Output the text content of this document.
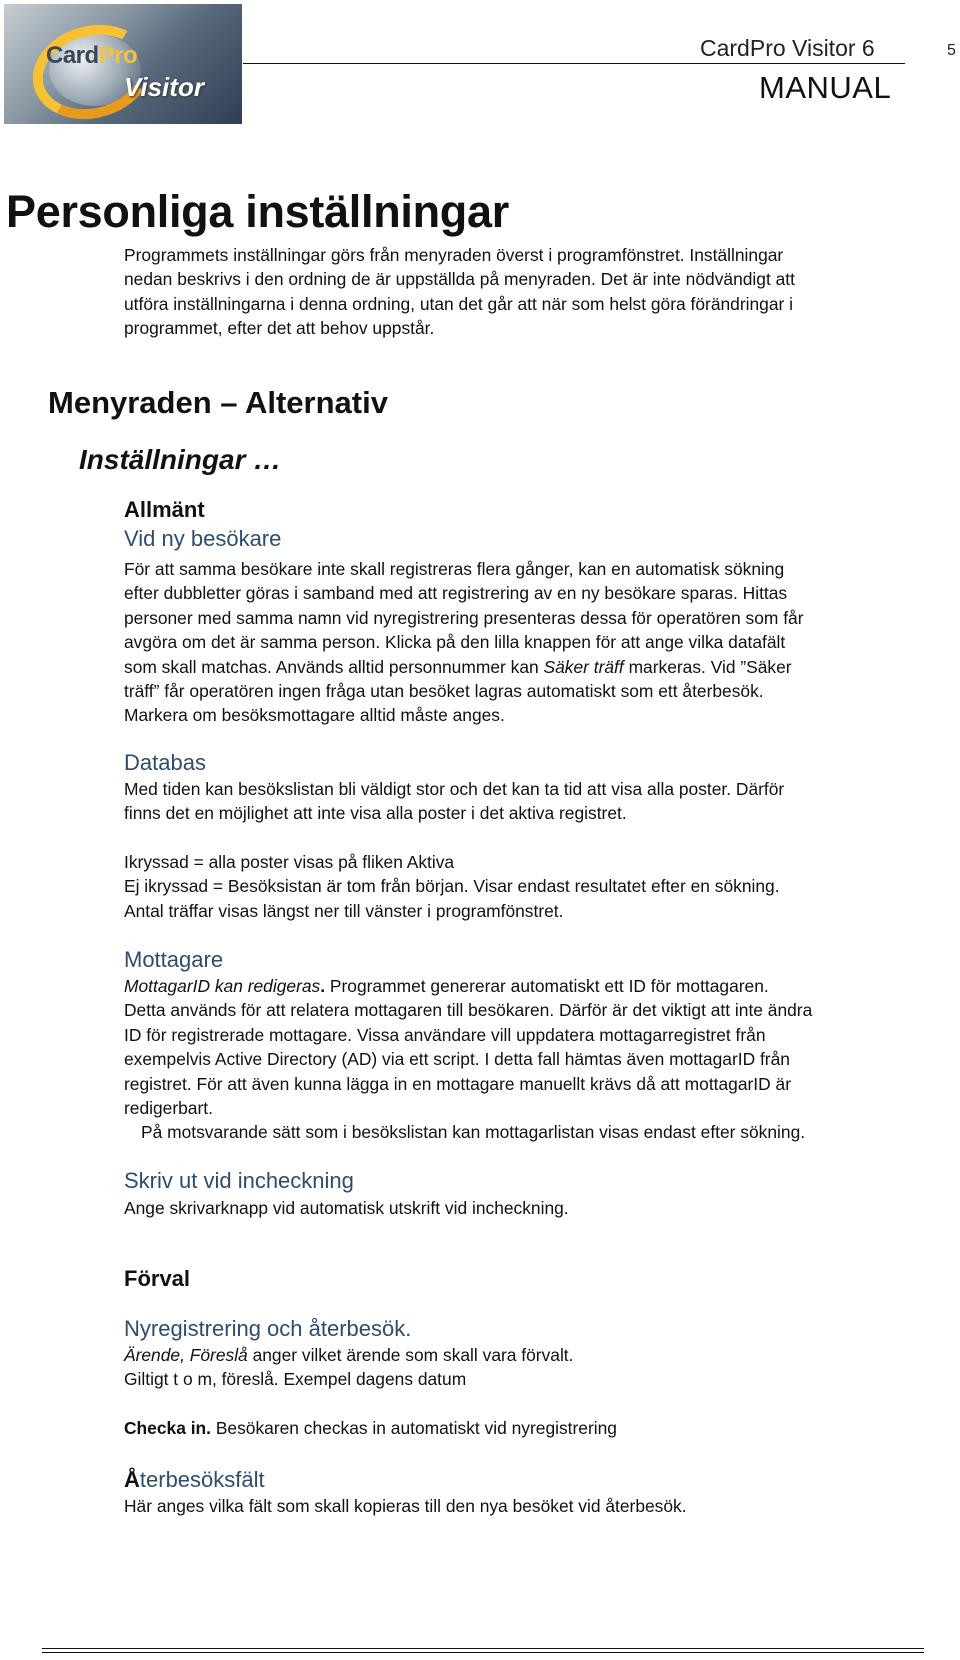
CardPro
Visitor
CardPro Visitor 6	5
MANUAL
Personliga inställningar

Programmets inställningar görs från menyraden överst i programfönstret. Inställningar
nedan beskrivs i den ordning de är uppställda på menyraden. Det är inte nödvändigt att
utföra inställningarna i denna ordning, utan det går att när som helst göra förändringar i
programmet, efter det att behov uppstår.

Menyraden – Alternativ
Inställningar …
Allmänt
Vid ny besökare

För att samma besökare inte skall registreras flera gånger, kan en automatisk sökning
efter dubbletter göras i samband med att registrering av en ny besökare sparas. Hittas
personer med samma namn vid nyregistrering presenteras dessa för operatören som får
avgöra om det är samma person. Klicka på den lilla knappen för att ange vilka datafält
som skall matchas. Används alltid personnummer kan Säker träff markeras. Vid ”Säker
träff” får operatören ingen fråga utan besöket lagras automatiskt som ett återbesök.
Markera om besöksmottagare alltid måste anges.

Databas

Med tiden kan besökslistan bli väldigt stor och det kan ta tid att visa alla poster. Därför
finns det en möjlighet att inte visa alla poster i det aktiva registret.

Ikryssad = alla poster visas på fliken Aktiva
Ej ikryssad = Besöksistan är tom från början. Visar endast resultatet efter en sökning.
Antal träffar visas längst ner till vänster i programfönstret.

Mottagare

MottagarID kan redigeras. Programmet genererar automatiskt ett ID för mottagaren.
Detta används för att relatera mottagaren till besökaren. Därför är det viktigt att inte ändra
ID för registrerade mottagare. Vissa användare vill uppdatera mottagarregistret från
exempelvis Active Directory (AD) via ett script. I detta fall hämtas även mottagarID från
registret. För att även kunna lägga in en mottagare manuellt krävs då att mottagarID är
redigerbart.
På motsvarande sätt som i besökslistan kan mottagarlistan visas endast efter sökning.

Skriv ut vid incheckning

Ange skrivarknapp vid automatisk utskrift vid incheckning.

Förval
Nyregistrering och återbesök.

Ärende, Föreslå anger vilket ärende som skall vara förvalt.
Giltigt t o m, föreslå. Exempel dagens datum

Checka in. Besökaren checkas in automatiskt vid nyregistrering

Återbesöksfält

Här anges vilka fält som skall kopieras till den nya besöket vid återbesök.
